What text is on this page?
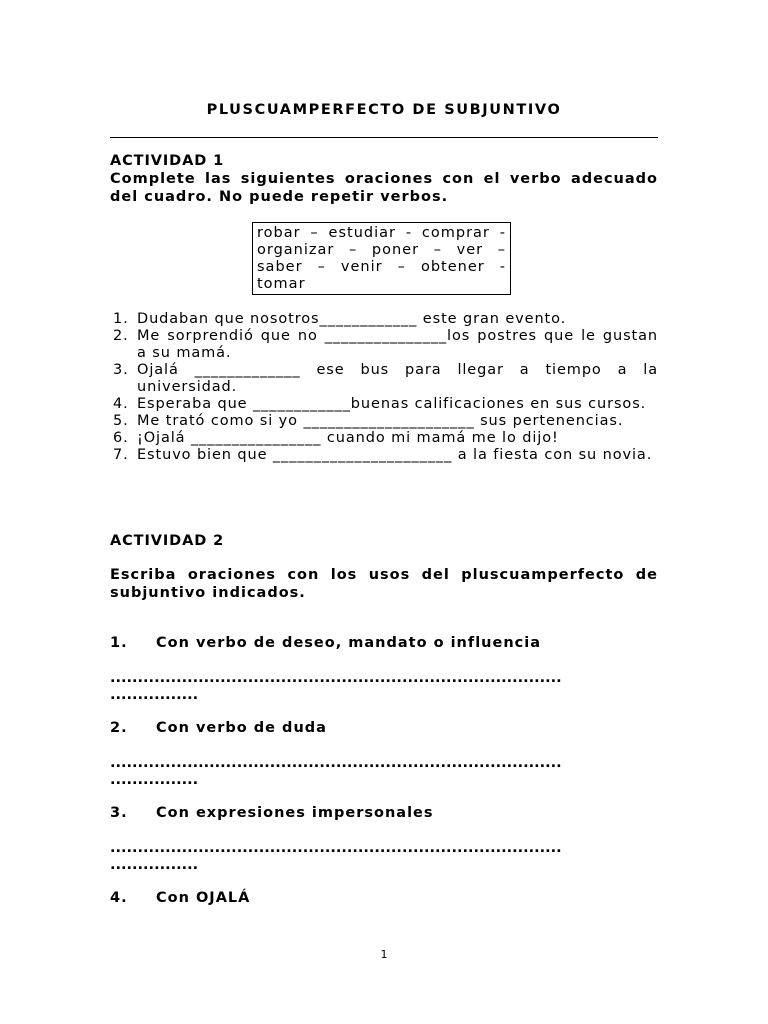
PLUSCUAMPERFECTO DE SUBJUNTIVO
ACTIVIDAD 1
Complete las siguientes oraciones con el verbo adecuado del cuadro. No puede repetir verbos.
robar – estudiar - comprar - organizar – poner – ver – saber – venir – obtener - tomar
1. Dudaban que nosotros____________ este gran evento.
2. Me sorprendió que no _______________los postres que le gustan a su mamá.
3. Ojalá _____________ ese bus para llegar a tiempo a la universidad.
4. Esperaba que ____________buenas calificaciones en sus cursos.
5. Me trató como si yo _____________________ sus pertenencias.
6. ¡Ojalá ________________ cuando mi mamá me lo dijo!
7. Estuvo bien que ______________________ a la fiesta con su novia.
ACTIVIDAD 2
Escriba oraciones con los usos del pluscuamperfecto de subjuntivo indicados.
1. Con verbo de deseo, mandato o influencia
..................................................................................
................
2. Con verbo de duda
..................................................................................
................
3. Con expresiones impersonales
..................................................................................
................
4. Con OJALÁ
1
